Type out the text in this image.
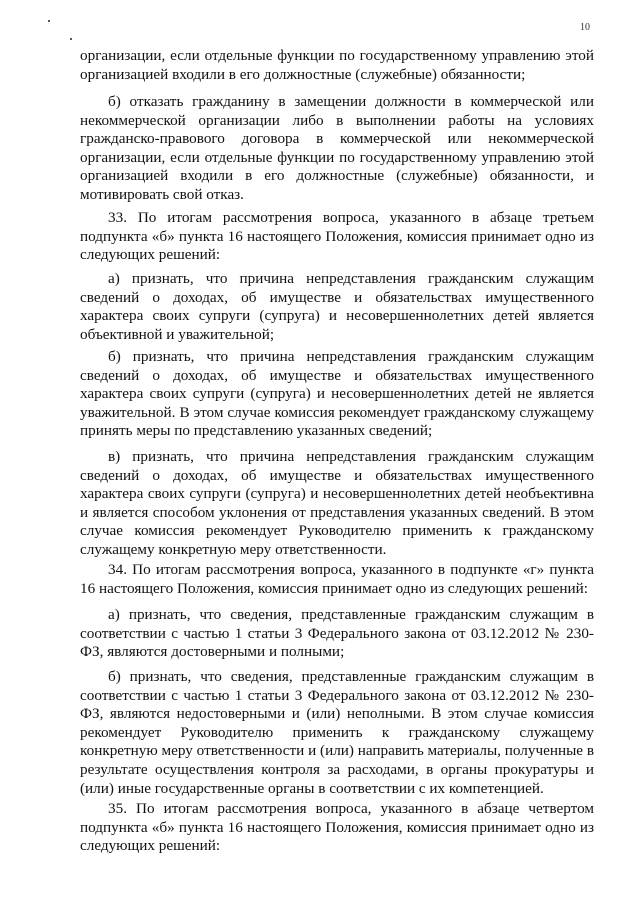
10
организации, если отдельные функции по государственному управлению этой организацией входили в его должностные (служебные) обязанности;
б) отказать гражданину в замещении должности в коммерческой или некоммерческой организации либо в выполнении работы на условиях гражданско-правового договора в коммерческой или некоммерческой организации, если отдельные функции по государственному управлению этой организацией входили в его должностные (служебные) обязанности, и мотивировать свой отказ.
33. По итогам рассмотрения вопроса, указанного в абзаце третьем подпункта «б» пункта 16 настоящего Положения, комиссия принимает одно из следующих решений:
а) признать, что причина непредставления гражданским служащим сведений о доходах, об имуществе и обязательствах имущественного характера своих супруги (супруга) и несовершеннолетних детей является объективной и уважительной;
б) признать, что причина непредставления гражданским служащим сведений о доходах, об имуществе и обязательствах имущественного характера своих супруги (супруга) и несовершеннолетних детей не является уважительной. В этом случае комиссия рекомендует гражданскому служащему принять меры по представлению указанных сведений;
в) признать, что причина непредставления гражданским служащим сведений о доходах, об имуществе и обязательствах имущественного характера своих супруги (супруга) и несовершеннолетних детей необъективна и является способом уклонения от представления указанных сведений. В этом случае комиссия рекомендует Руководителю применить к гражданскому служащему конкретную меру ответственности.
34. По итогам рассмотрения вопроса, указанного в подпункте «г» пункта 16 настоящего Положения, комиссия принимает одно из следующих решений:
а) признать, что сведения, представленные гражданским служащим в соответствии с частью 1 статьи 3 Федерального закона от 03.12.2012 № 230-ФЗ, являются достоверными и полными;
б) признать, что сведения, представленные гражданским служащим в соответствии с частью 1 статьи 3 Федерального закона от 03.12.2012 № 230-ФЗ, являются недостоверными и (или) неполными. В этом случае комиссия рекомендует Руководителю применить к гражданскому служащему конкретную меру ответственности и (или) направить материалы, полученные в результате осуществления контроля за расходами, в органы прокуратуры и (или) иные государственные органы в соответствии с их компетенцией.
35. По итогам рассмотрения вопроса, указанного в абзаце четвертом подпункта «б» пункта 16 настоящего Положения, комиссия принимает одно из следующих решений:
